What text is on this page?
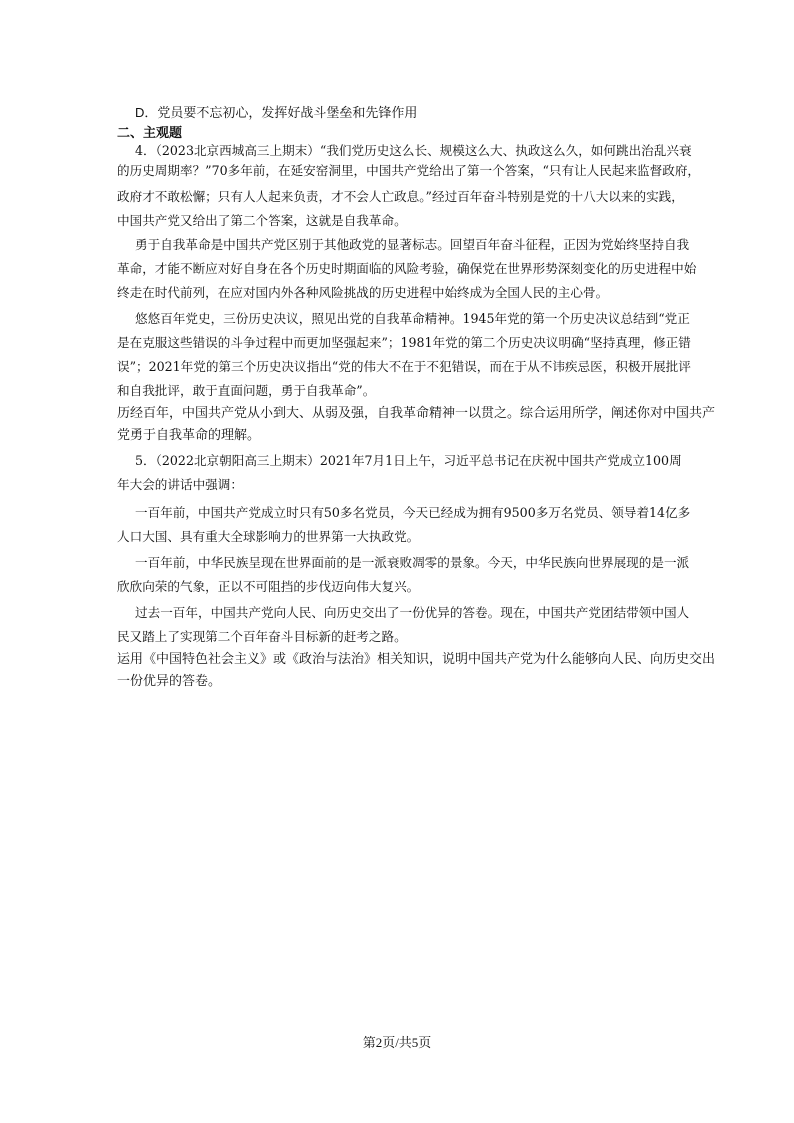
D．党员要不忘初心，发挥好战斗堡垒和先锋作用
二、主观题
4．（2023北京西城高三上期末）“我们党历史这么长、规模这么大、执政这么久，如何跳出治乱兴衰
的历史周期率？”70多年前，在延安窑洞里，中国共产党给出了第一个答案，“只有让人民起来监督政府，
政府才不敢松懈；只有人人起来负责，才不会人亡政息。”经过百年奋斗特别是党的十八大以来的实践，
中国共产党又给出了第二个答案，这就是自我革命。
勇于自我革命是中国共产党区别于其他政党的显著标志。回望百年奋斗征程，正因为党始终坚持自我
革命，才能不断应对好自身在各个历史时期面临的风险考验，确保党在世界形势深刻变化的历史进程中始
终走在时代前列，在应对国内外各种风险挑战的历史进程中始终成为全国人民的主心骨。
悠悠百年党史，三份历史决议，照见出党的自我革命精神。1945年党的第一个历史决议总结到“党正
是在克服这些错误的斗争过程中而更加坚强起来”；1981年党的第二个历史决议明确“坚持真理，修正错
误”；2021年党的第三个历史决议指出“党的伟大不在于不犯错误，而在于从不讳疾忌医，积极开展批评
和自我批评，敢于直面问题，勇于自我革命”。
历经百年，中国共产党从小到大、从弱及强，自我革命精神一以贯之。综合运用所学，阐述你对中国共产
党勇于自我革命的理解。
5．（2022北京朝阳高三上期末）2021年7月1日上午，习近平总书记在庆祝中国共产党成立100周
年大会的讲话中强调：
一百年前，中国共产党成立时只有50多名党员，今天已经成为拥有9500多万名党员、领导着14亿多
人口大国、具有重大全球影响力的世界第一大执政党。
一百年前，中华民族呈现在世界面前的是一派衰败凋零的景象。今天，中华民族向世界展现的是一派
欣欣向荣的气象，正以不可阻挡的步伐迈向伟大复兴。
过去一百年，中国共产党向人民、向历史交出了一份优异的答卷。现在，中国共产党团结带领中国人
民又踏上了实现第二个百年奋斗目标新的赶考之路。
运用《中国特色社会主义》或《政治与法治》相关知识，说明中国共产党为什么能够向人民、向历史交出
一份优异的答卷。
第2页/共5页
